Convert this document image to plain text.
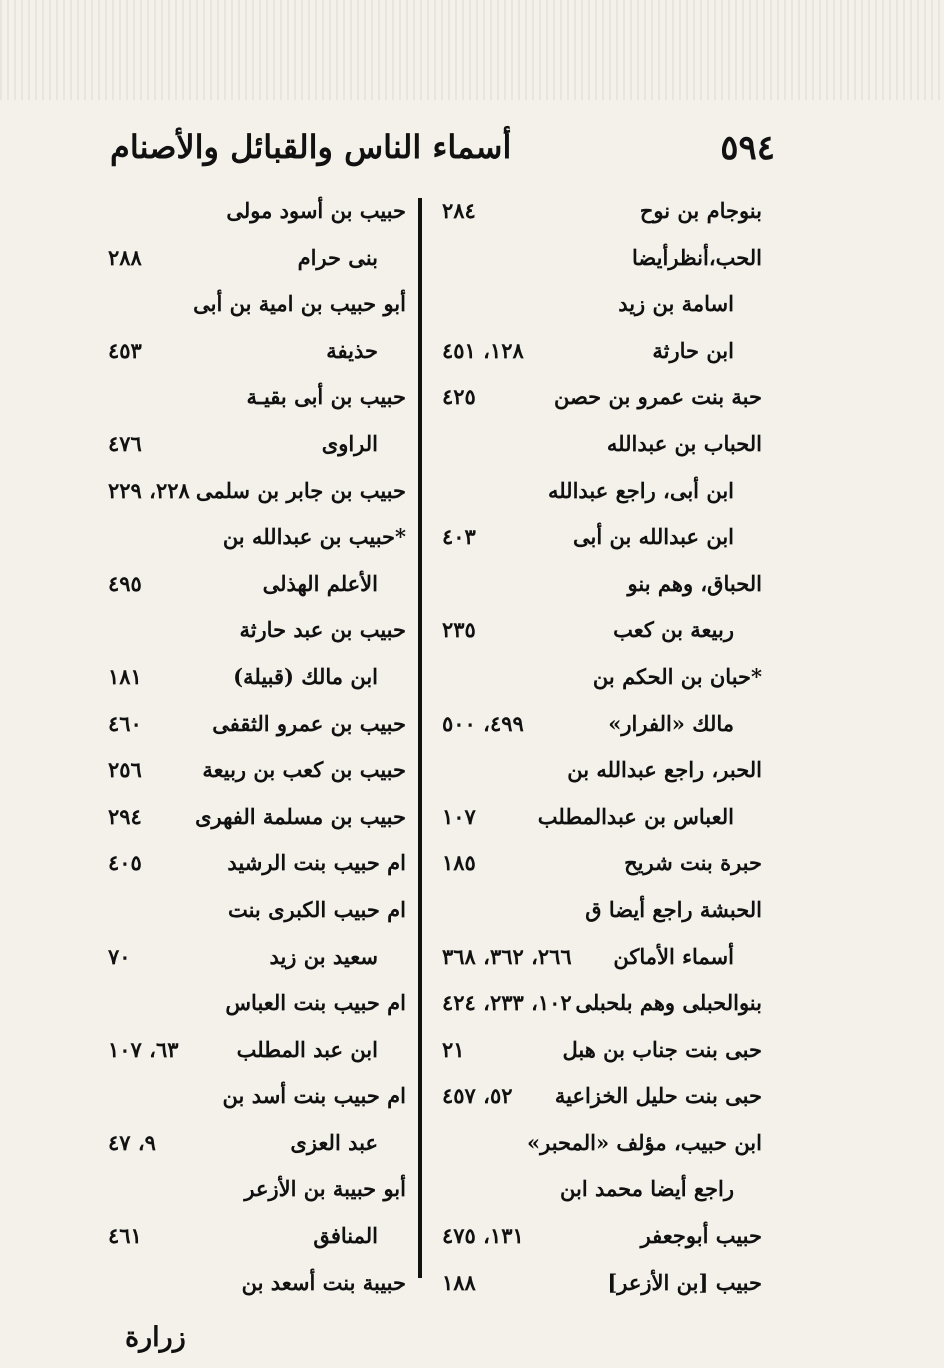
٥٩٤
أسماء الناس والقبائل والأصنام
بنوجام بن نوح
٢٨٤
الحب،أنظرأيضا
اسامة بن زيد
ابن حارثة
١٢٨، ٤٥١
حبة بنت عمرو بن حصن
٤٢٥
الحباب بن عبدالله
ابن أبى، راجع عبدالله
ابن عبدالله بن أبى
٤٠٣
الحباق، وهم بنو
ربيعة بن كعب
٢٣٥
*حبان بن الحكم بن
مالك «الفرار»
٤٩٩، ٥٠٠
الحبر، راجع عبدالله بن
العباس بن عبدالمطلب
١٠٧
حبرة بنت شريح
١٨٥
الحبشة راجع أيضا ق
أسماء الأماكن
٢٦٦، ٣٦٢، ٣٦٨
بنوالحبلى وهم بلحبلى
١٠٢، ٢٣٣، ٤٢٤
حبى بنت جناب بن هبل
٢١
حبى بنت حليل الخزاعية
٥٢، ٤٥٧
ابن حبيب، مؤلف «المحبر»
راجع أيضا محمد ابن
حبيب أبوجعفر
١٣١، ٤٧٥
حبيب [بن الأزعر]
١٨٨
حبيب بن أسود مولى
بنى حرام
٢٨٨
أبو حبيب بن امية بن أبى
حذيفة
٤٥٣
حبيب بن أبى بقيـة
الراوى
٤٧٦
حبيب بن جابر بن سلمى
٢٢٨، ٢٢٩
*حبيب بن عبدالله بن
الأعلم الهذلى
٤٩٥
حبيب بن عبد حارثة
ابن مالك (قبيلة)
١٨١
حبيب بن عمرو الثقفى
٤٦٠
حبيب بن كعب بن ربيعة
٢٥٦
حبيب بن مسلمة الفهرى
٢٩٤
ام حبيب بنت الرشيد
٤٠٥
ام حبيب الكبرى بنت
سعيد بن زيد
٧٠
ام حبيب بنت العباس
ابن عبد المطلب
٦٣، ١٠٧
ام حبيب بنت أسد بن
عبد العزى
٩، ٤٧
أبو حبيبة بن الأزعر
المنافق
٤٦١
حبيبة بنت أسعد بن
زرارة
